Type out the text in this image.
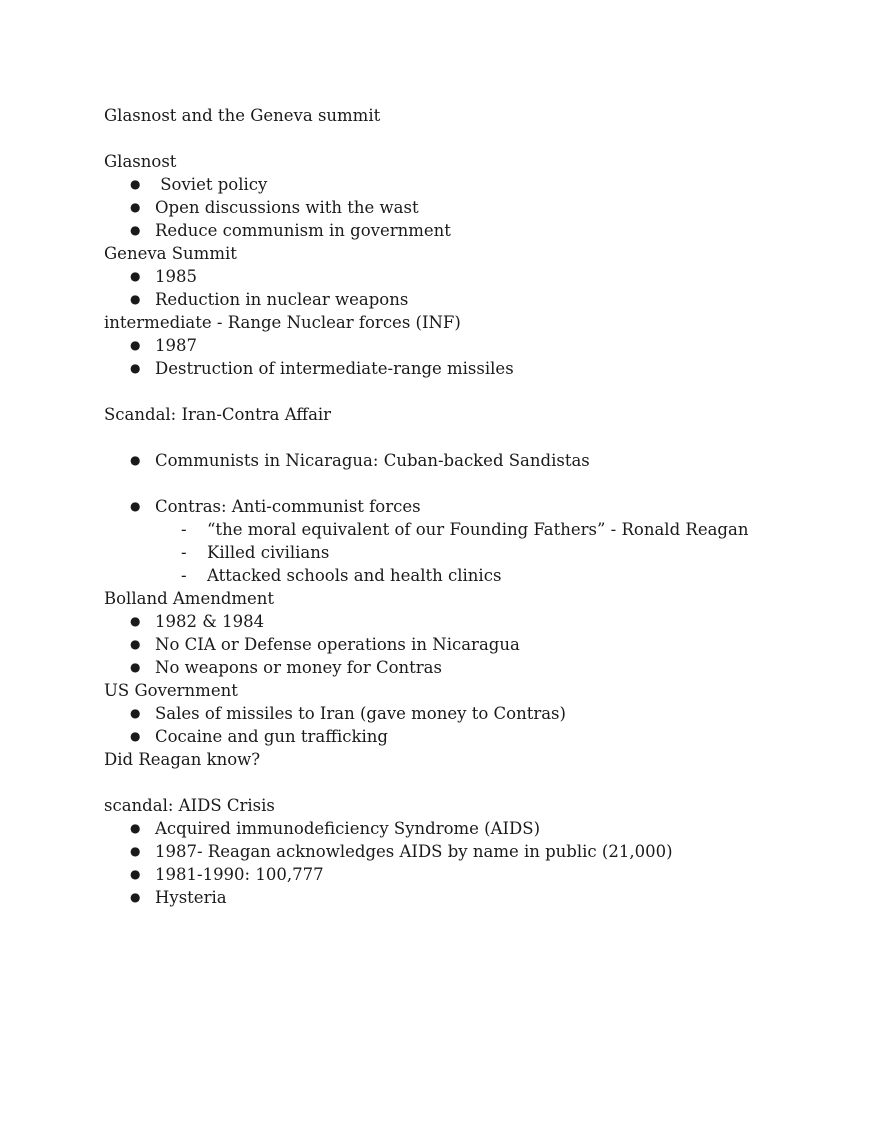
Glasnost and the Geneva summit
Glasnost
● Soviet policy
● Open discussions with the wast
● Reduce communism in government
Geneva Summit
● 1985
● Reduction in nuclear weapons
intermediate - Range Nuclear forces (INF)
● 1987
● Destruction of intermediate-range missiles
Scandal: Iran-Contra Affair
● Communists in Nicaragua: Cuban-backed Sandistas
● Contras: Anti-communist forces
- “the moral equivalent of our Founding Fathers” - Ronald Reagan
- Killed civilians
- Attacked schools and health clinics
Bolland Amendment
● 1982 & 1984
● No CIA or Defense operations in Nicaragua
● No weapons or money for Contras
US Government
● Sales of missiles to Iran (gave money to Contras)
● Cocaine and gun trafficking
Did Reagan know?
scandal: AIDS Crisis
● Acquired immunodeficiency Syndrome (AIDS)
● 1987- Reagan acknowledges AIDS by name in public (21,000)
● 1981-1990: 100,777
● Hysteria
